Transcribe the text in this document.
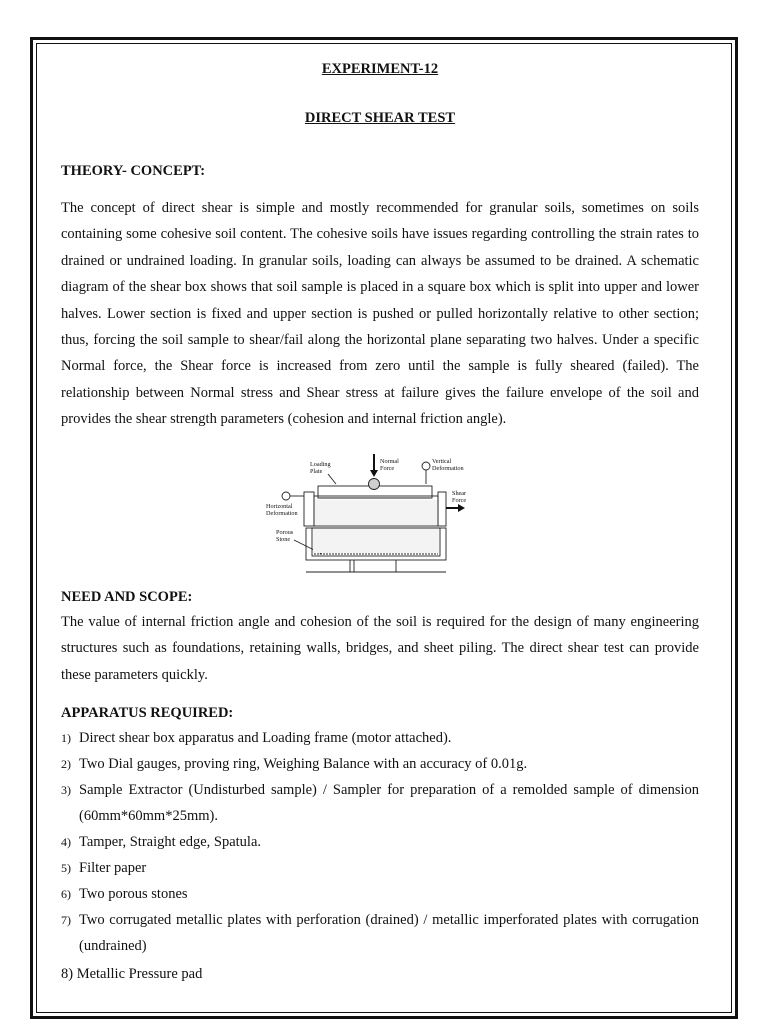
EXPERIMENT-12
DIRECT SHEAR TEST
THEORY- CONCEPT:
The concept of direct shear is simple and mostly recommended for granular soils, sometimes on soils containing some cohesive soil content. The cohesive soils have issues regarding controlling the strain rates to drained or undrained loading. In granular soils, loading can always be assumed to be drained. A schematic diagram of the shear box shows that soil sample is placed in a square box which is split into upper and lower halves. Lower section is fixed and upper section is pushed or pulled horizontally relative to other section; thus, forcing the soil sample to shear/fail along the horizontal plane separating two halves. Under a specific Normal force, the Shear force is increased from zero until the sample is fully sheared (failed). The relationship between Normal stress and Shear stress at failure gives the failure envelope of the soil and provides the shear strength parameters (cohesion and internal friction angle).
NEED AND SCOPE:
The value of internal friction angle and cohesion of the soil is required for the design of many engineering structures such as foundations, retaining walls, bridges, and sheet piling. The direct shear test can provide these parameters quickly.
APPARATUS REQUIRED:
1) Direct shear box apparatus and Loading frame (motor attached).
2) Two Dial gauges, proving ring, Weighing Balance with an accuracy of 0.01g.
3) Sample Extractor (Undisturbed sample) / Sampler for preparation of a remolded sample of dimension (60mm*60mm*25mm).
4) Tamper, Straight edge, Spatula.
5) Filter paper
6) Two porous stones
7) Two corrugated metallic plates with perforation (drained) / metallic imperforated plates with corrugation (undrained)
8) Metallic Pressure pad
Loading
Plate
Normal
Force
Vertical
Deformation
Horizontal
Deformation
Shear
Force
Porous
Stone
